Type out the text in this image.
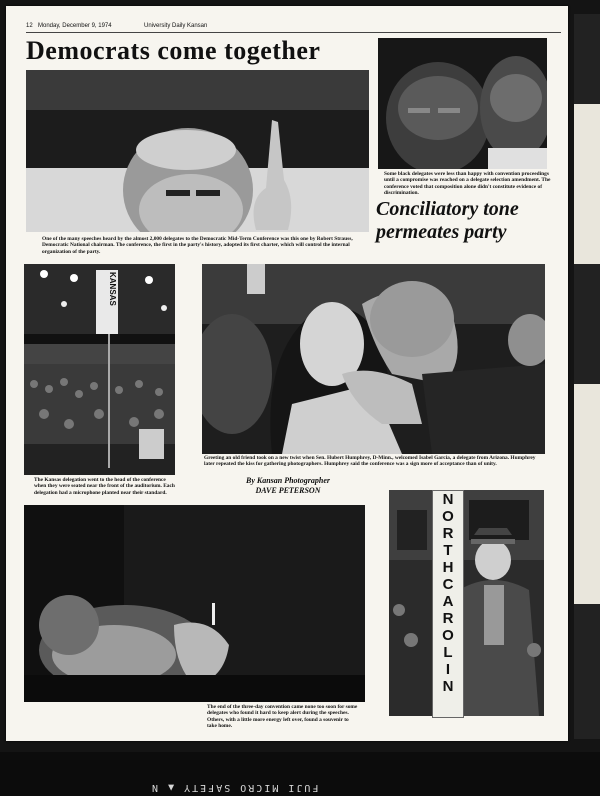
12 Monday, December 9, 1974	University Daily Kansan
Democrats come together

Some black delegates were less than happy with convention proceedings until a compromise was reached on a delegate selection amendment. The conference voted that composition alone didn't constitute evidence of discrimination.

Conciliatory tone permeates party

One of the many speeches heard by the almost 2,000 delegates to the Democratic Mid-Term Conference was this one by Robert Strauss, Democratic National chairman. The conference, the first in the party's history, adopted its first charter, which will control the internal organization of the party.

KANSAS

The Kansas delegation went to the head of the conference when they were seated near the front of the auditorium. Each delegation had a microphone planted near their standard.

Greeting an old friend took on a new twist when Sen. Hubert Humphrey, D-Minn., welcomed Isabel Garcia, a delegate from Arizona. Humphrey later repeated the kiss for gathering photographers. Humphrey said the conference was a sign more of acceptance than of unity.

By Kansan Photographer
DAVE PETERSON

The end of the three-day convention came none too soon for some delegates who found it hard to keep alert during the speeches. Others, with a little more energy left over, found a souvenir to take home.

N
O
R
T
H
C
A
R
O
L
I
N
FUJI MICRO SAFETY ▲ N
